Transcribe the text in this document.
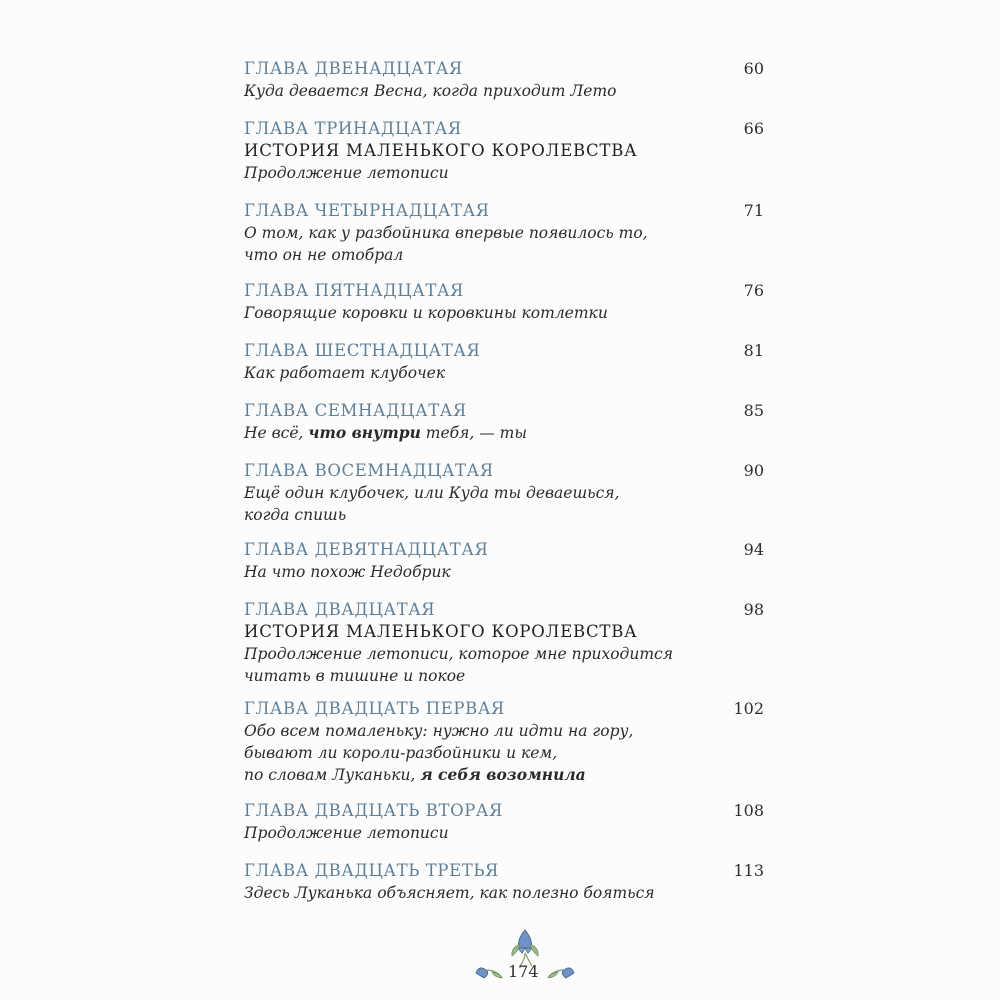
ГЛАВА ДВЕНАДЦАТАЯ	60
Куда девается Весна, когда приходит Лето
ГЛАВА ТРИНАДЦАТАЯ	66
ИСТОРИЯ МАЛЕНЬКОГО КОРОЛЕВСТВА
Продолжение летописи
ГЛАВА ЧЕТЫРНАДЦАТАЯ	71
О том, как у разбойника впервые появилось то,
что он не отобрал
ГЛАВА ПЯТНАДЦАТАЯ	76
Говорящие коровки и коровкины котлетки
ГЛАВА ШЕСТНАДЦАТАЯ	81
Как работает клубочек
ГЛАВА СЕМНАДЦАТАЯ	85
Не всё, что внутри тебя, — ты
ГЛАВА ВОСЕМНАДЦАТАЯ	90
Ещё один клубочек, или Куда ты деваешься,
когда спишь
ГЛАВА ДЕВЯТНАДЦАТАЯ	94
На что похож Недобрик
ГЛАВА ДВАДЦАТАЯ	98
ИСТОРИЯ МАЛЕНЬКОГО КОРОЛЕВСТВА
Продолжение летописи, которое мне приходится
читать в тишине и покое
ГЛАВА ДВАДЦАТЬ ПЕРВАЯ	102
Обо всем помаленьку: нужно ли идти на гору,
бывают ли короли-разбойники и кем,
по словам Луканьки, я себя возомнила
ГЛАВА ДВАДЦАТЬ ВТОРАЯ	108
Продолжение летописи
ГЛАВА ДВАДЦАТЬ ТРЕТЬЯ	113
Здесь Луканька объясняет, как полезно бояться
174
